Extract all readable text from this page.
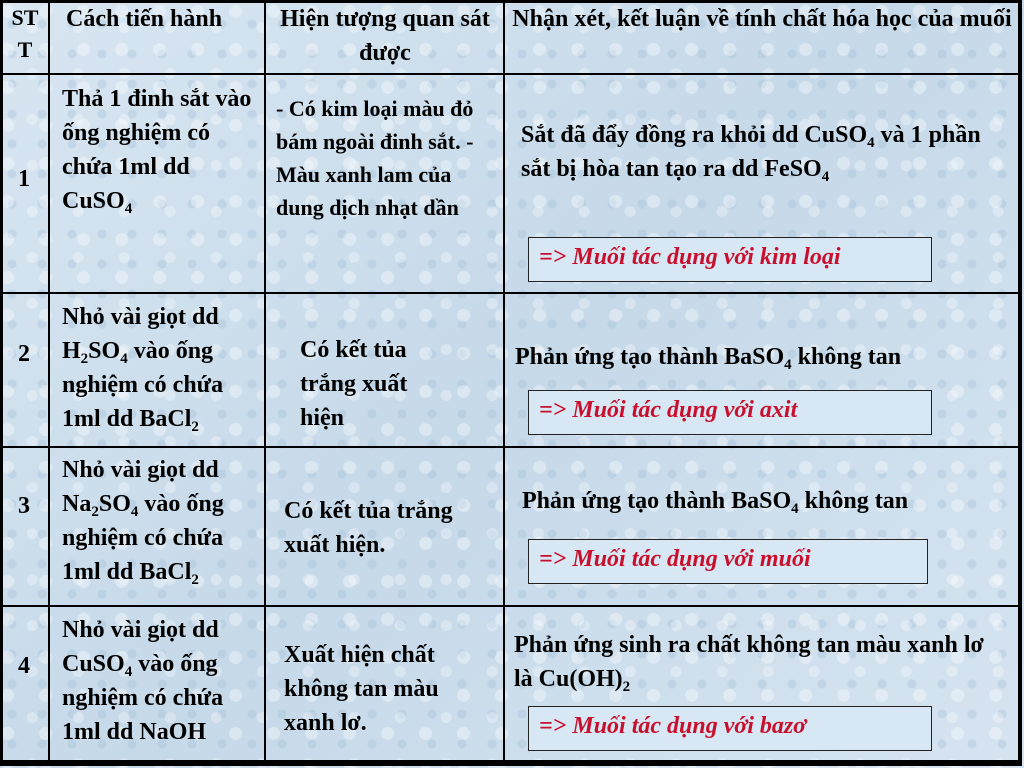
STT
Cách tiến hành	Hiện tượng quan sát được
Nhận xét, kết luận về tính chất hóa học của muối
1
Thả 1 đinh sắt vào ống nghiệm có chứa 1ml dd CuSO$_4$
- Có kim loại màu đỏ bám ngoài đinh sắt. - Màu xanh lam của dung dịch nhạt dần
Sắt đã đẩy đồng ra khỏi dd CuSO$_4$ và 1 phần sắt bị hòa tan tạo ra dd FeSO$_4$
=> Muối tác dụng với kim loại
2
Nhỏ vài giọt dd $H_2SO_4$ vào ống nghiệm có chứa 1ml dd BaCl$_2$
Có kết tủa trắng xuất hiện
Phản ứng tạo thành BaSO$_4$ không tan
=> Muối tác dụng với axit
3
Nhỏ vài giọt dd $Na_2SO_4$ vào ống nghiệm có chứa 1ml dd BaCl$_2$
Có kết tủa trắng xuất hiện.
Phản ứng tạo thành BaSO$_4$ không tan
=> Muối tác dụng với muối
4
Nhỏ vài giọt dd CuSO$_4$ vào ống nghiệm có chứa 1ml dd NaOH
Xuất hiện chất không tan màu xanh lơ.
Phản ứng sinh ra chất không tan màu xanh lơ là $Cu(OH)_2$
=> Muối tác dụng với bazơ
